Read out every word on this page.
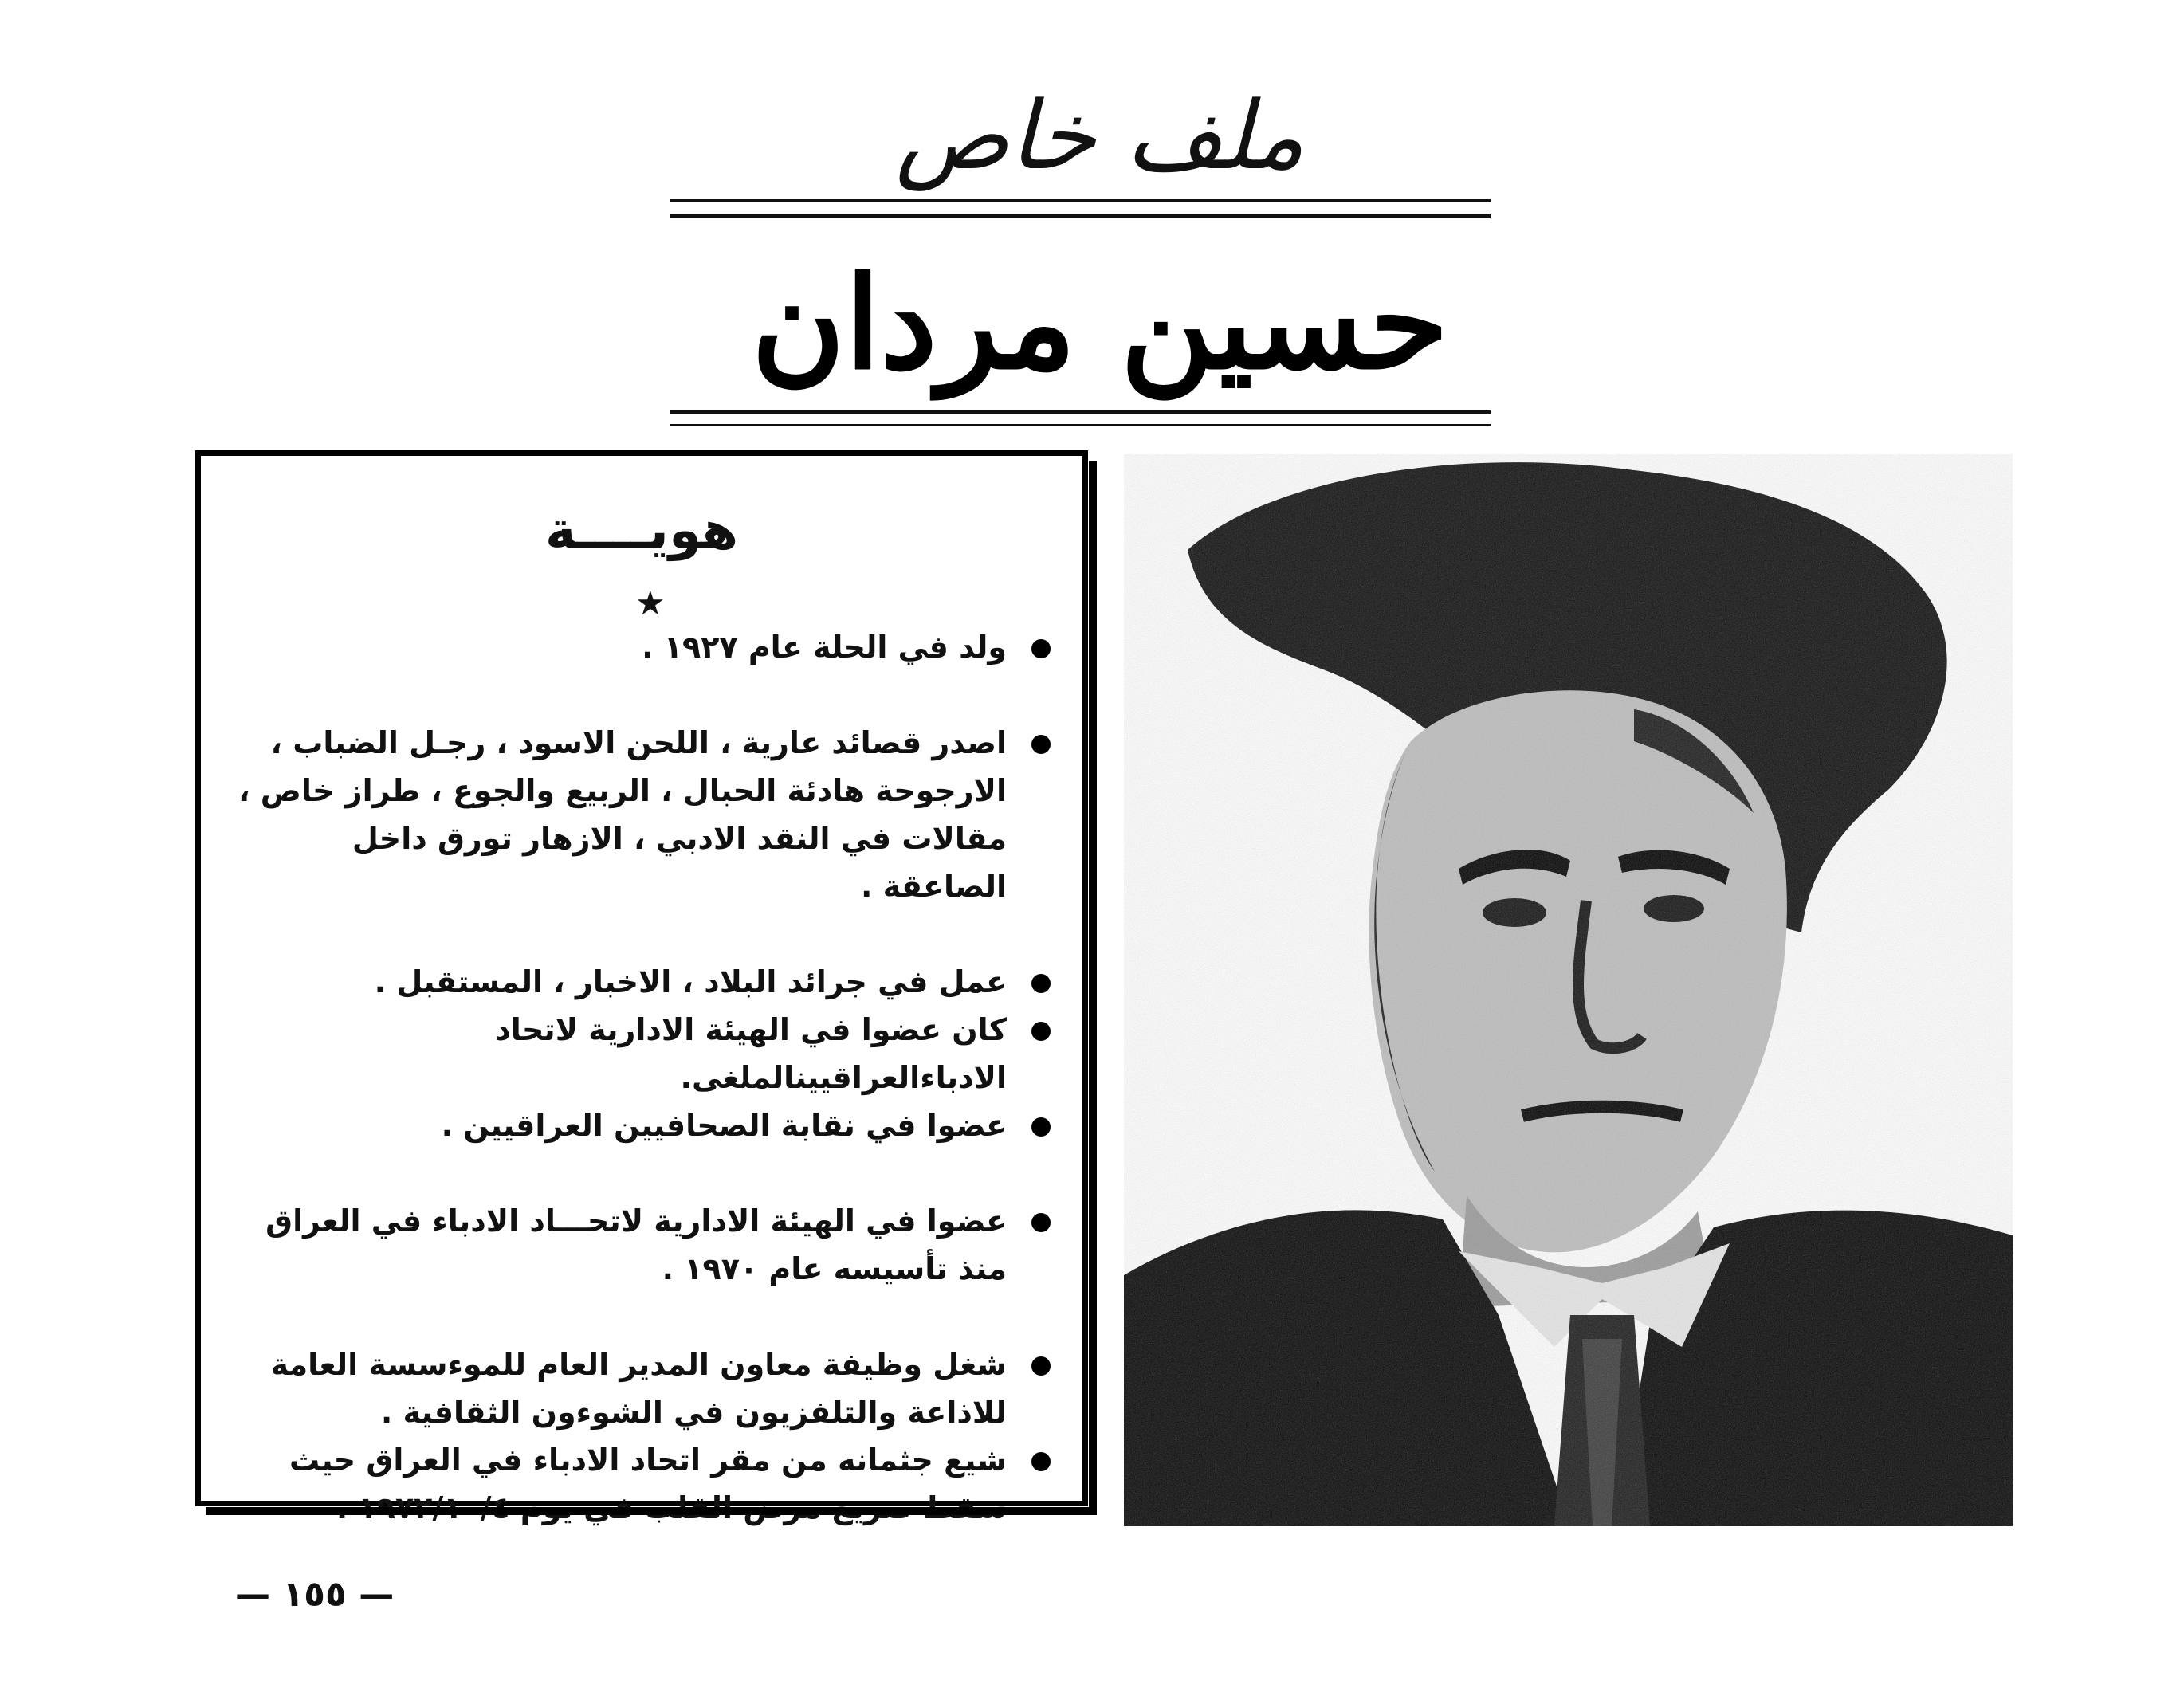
ملف خاص
حسين مردان
هويــــة
★
ولد في الحلة عام ١٩٢٧ .
اصدر قصائد عارية ، اللحن الاسود ، رجـل الضباب ، الارجوحة هادئة الحبال ، الربيع والجوع ، طراز خاص ، مقالات في النقد الادبي ، الازهار تورق داخل الصاعقة .
عمل في جرائد البلاد ، الاخبار ، المستقبل .
كان عضوا في الهيئة الادارية لاتحاد الادباءالعراقيينالملغى.
عضوا في نقابة الصحافيين العراقيين .
عضوا في الهيئة الادارية لاتحـــاد الادباء في العراق منذ تأسيسه عام ١٩٧٠ .
شغل وظيفة معاون المدير العام للموءسسة العامة للاذاعة والتلفزيون في الشوءون الثقافية .
شيع جثمانه من مقر اتحاد الادباء في العراق حيث سقط صريع مرض القلب في يوم ١٩٧٢/١٠/٤ .
— ١٥٥ —
